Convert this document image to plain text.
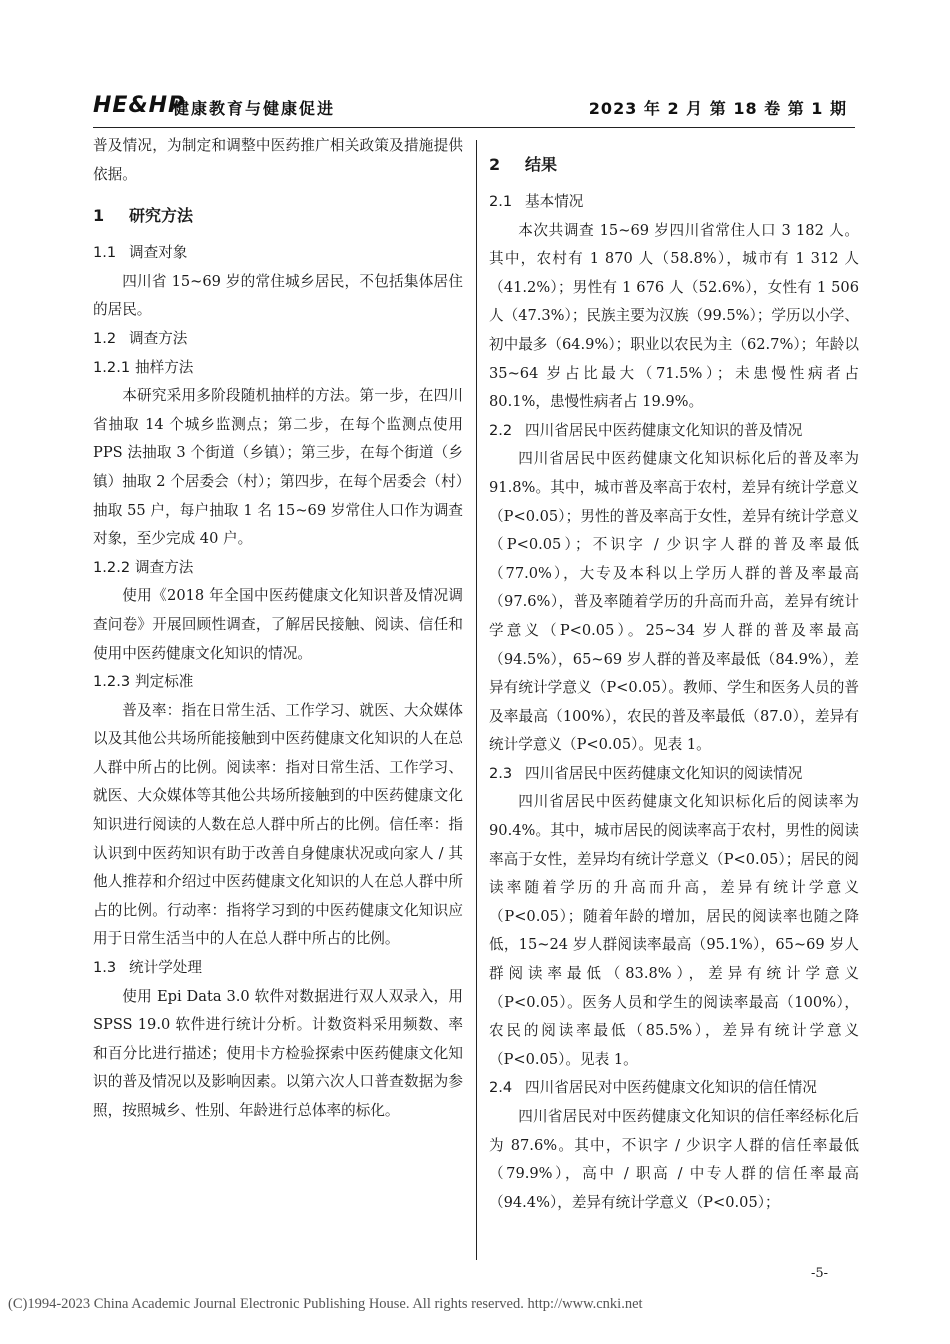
HE&HP
健康教育与健康促进	2023 年 2 月 第 18 卷 第 1 期

普及情况，为制定和调整中医药推广相关政策及措施提供依据。

1 研究方法
1.1 调查对象

四川省 15~69 岁的常住城乡居民，不包括集体居住的居民。

1.2 调查方法
1.2.1 抽样方法

本研究采用多阶段随机抽样的方法。第一步，在四川省抽取 14 个城乡监测点；第二步，在每个监测点使用 PPS 法抽取 3 个街道（乡镇）；第三步，在每个街道（乡镇）抽取 2 个居委会（村）；第四步，在每个居委会（村）抽取 55 户，每户抽取 1 名 15~69 岁常住人口作为调查对象，至少完成 40 户。

1.2.2 调查方法

使用《2018 年全国中医药健康文化知识普及情况调查问卷》开展回顾性调查，了解居民接触、阅读、信任和使用中医药健康文化知识的情况。

1.2.3 判定标准

普及率：指在日常生活、工作学习、就医、大众媒体以及其他公共场所能接触到中医药健康文化知识的人在总人群中所占的比例。阅读率：指对日常生活、工作学习、就医、大众媒体等其他公共场所接触到的中医药健康文化知识进行阅读的人数在总人群中所占的比例。信任率：指认识到中医药知识有助于改善自身健康状况或向家人 / 其他人推荐和介绍过中医药健康文化知识的人在总人群中所占的比例。行动率：指将学习到的中医药健康文化知识应用于日常生活当中的人在总人群中所占的比例。

1.3 统计学处理

使用 Epi Data 3.0 软件对数据进行双人双录入，用 SPSS 19.0 软件进行统计分析。计数资料采用频数、率和百分比进行描述；使用卡方检验探索中医药健康文化知识的普及情况以及影响因素。以第六次人口普查数据为参照，按照城乡、性别、年龄进行总体率的标化。

2 结果
2.1 基本情况

本次共调查 15~69 岁四川省常住人口 3 182 人。其中，农村有 1 870 人（58.8%），城市有 1 312 人（41.2%）；男性有 1 676 人（52.6%），女性有 1 506 人（47.3%）；民族主要为汉族（99.5%）；学历以小学、初中最多（64.9%）；职业以农民为主（62.7%）；年龄以 35~64 岁占比最大（71.5%）；未患慢性病者占 80.1%，患慢性病者占 19.9%。

2.2 四川省居民中医药健康文化知识的普及情况

四川省居民中医药健康文化知识标化后的普及率为 91.8%。其中，城市普及率高于农村，差异有统计学意义（P<0.05）；男性的普及率高于女性，差异有统计学意义（P<0.05）；不识字 / 少识字人群的普及率最低（77.0%），大专及本科以上学历人群的普及率最高（97.6%），普及率随着学历的升高而升高，差异有统计学意义（P<0.05）。25~34 岁人群的普及率最高（94.5%），65~69 岁人群的普及率最低（84.9%），差异有统计学意义（P<0.05）。教师、学生和医务人员的普及率最高（100%），农民的普及率最低（87.0），差异有统计学意义（P<0.05）。见表 1。

2.3 四川省居民中医药健康文化知识的阅读情况

四川省居民中医药健康文化知识标化后的阅读率为 90.4%。其中，城市居民的阅读率高于农村，男性的阅读率高于女性，差异均有统计学意义（P<0.05）；居民的阅读率随着学历的升高而升高，差异有统计学意义（P<0.05）；随着年龄的增加，居民的阅读率也随之降低，15~24 岁人群阅读率最高（95.1%），65~69 岁人群阅读率最低（83.8%），差异有统计学意义（P<0.05）。医务人员和学生的阅读率最高（100%），农民的阅读率最低（85.5%），差异有统计学意义（P<0.05）。见表 1。

2.4 四川省居民对中医药健康文化知识的信任情况

四川省居民对中医药健康文化知识的信任率经标化后为 87.6%。其中，不识字 / 少识字人群的信任率最低（79.9%），高中 / 职高 / 中专人群的信任率最高（94.4%），差异有统计学意义（P<0.05）；

-5-
(C)1994-2023 China Academic Journal Electronic Publishing House. All rights reserved. http://www.cnki.net
